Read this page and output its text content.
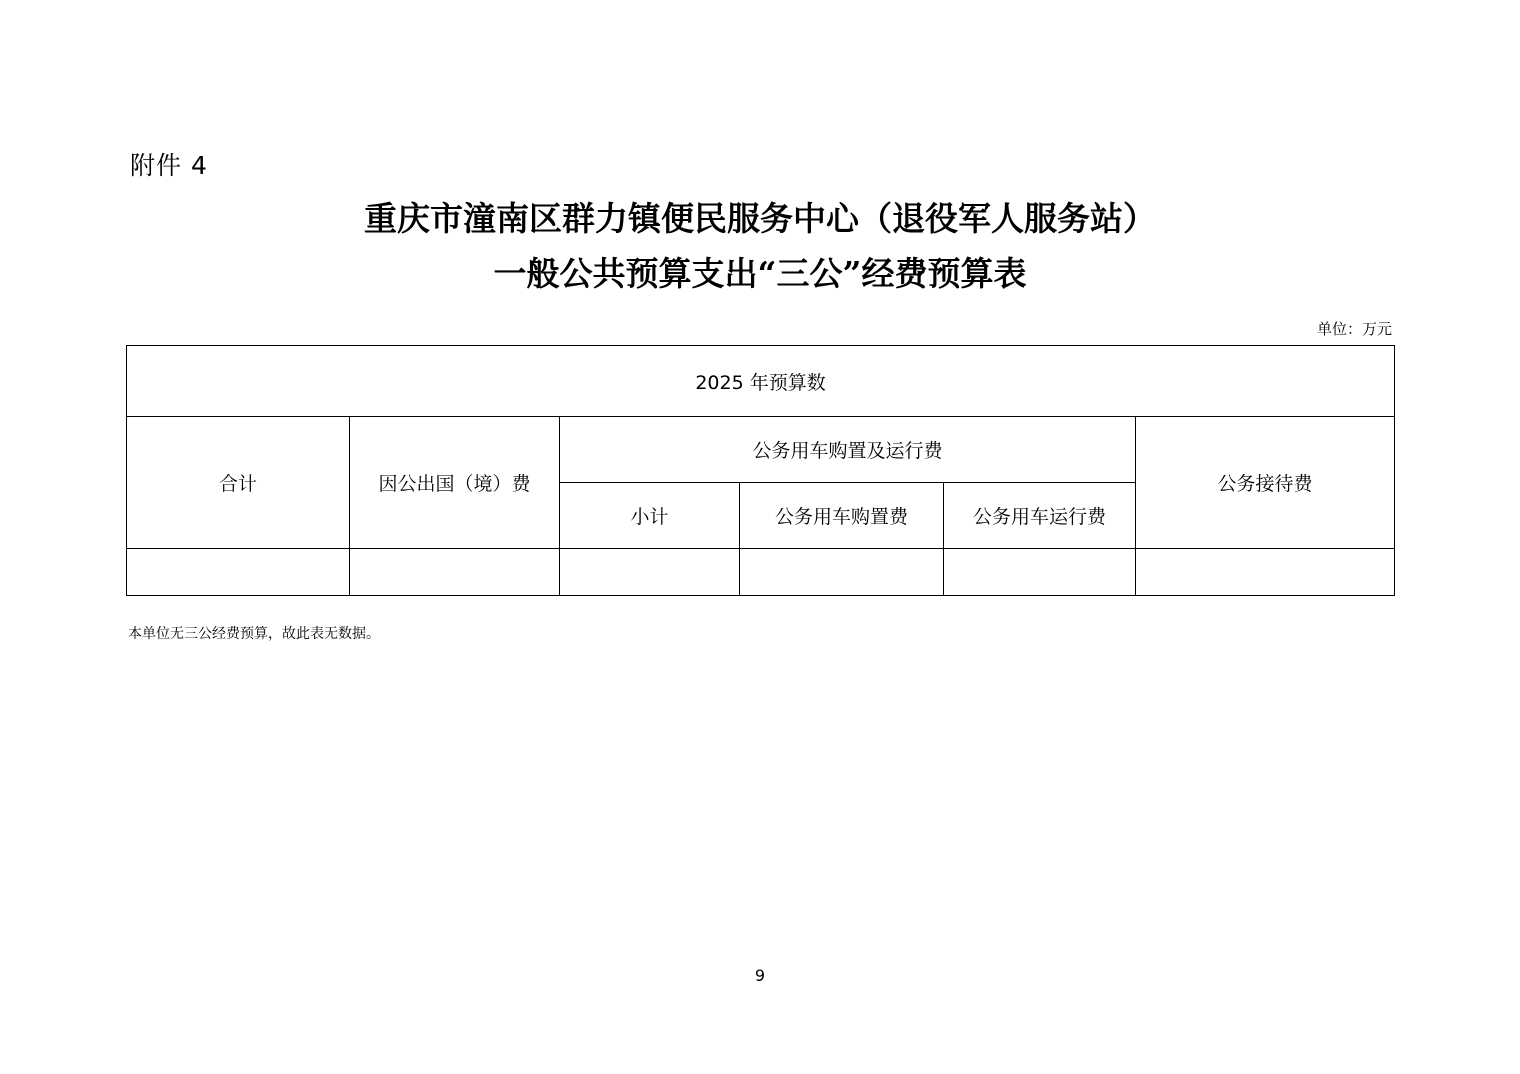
附件 4
重庆市潼南区群力镇便民服务中心（退役军人服务站）
一般公共预算支出“三公”经费预算表
单位：万元
2025 年预算数					
合计	因公出国（境）费	公务用车购置及运行费			公务接待费
		小计	公务用车购置费	公务用车运行费	

本单位无三公经费预算，故此表无数据。
9
